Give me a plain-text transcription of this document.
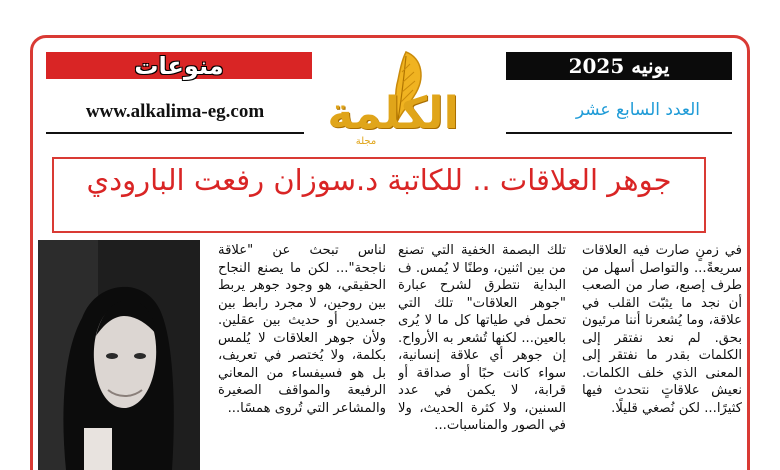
يونيه 2025
منوعات
العدد السابع عشر
www.alkalima-eg.com	الكلمة
مجلة
جوهر العلاقات .. للكاتبة د.سوزان رفعت البارودي

في زمنٍ صارت فيه العلاقات سريعةً... والتواصل أسهل من طرف إصبع، صار من الصعب أن نجد ما يثبّت القلب في علاقة، وما يُشعرنا أننا مرئيون بحق. لم نعد نفتقر إلى الكلمات بقدر ما نفتقر إلى المعنى الذي خلف الكلمات. نعيش علاقاتٍ نتحدث فيها كثيرًا... لكن نُصغي قليلًا.

تلك البصمة الخفية التي تصنع من بين اثنين، وطنًا لا يُمس. ف البداية نتطرق لشرح عبارة "جوهر العلاقات" تلك التي تحمل في طياتها كل ما لا يُرى بالعين... لكنها تُشعر به الأرواح. إن جوهر أي علاقة إنسانية، سواء كانت حبًا أو صداقة أو قرابة، لا يكمن في عدد السنين، ولا كثرة الحديث، ولا في الصور والمناسبات...

لناس تبحث عن "علاقة ناجحة"... لكن ما يصنع النجاح الحقيقي، هو وجود جوهر يربط بين روحين، لا مجرد رابط بين جسدين أو حديث بين عقلين. ولأن جوهر العلاقات لا يُلمس بكلمة، ولا يُختصر في تعريف، بل هو فسيفساء من المعاني الرفيعة والمواقف الصغيرة والمشاعر التي تُروى همسًا...
